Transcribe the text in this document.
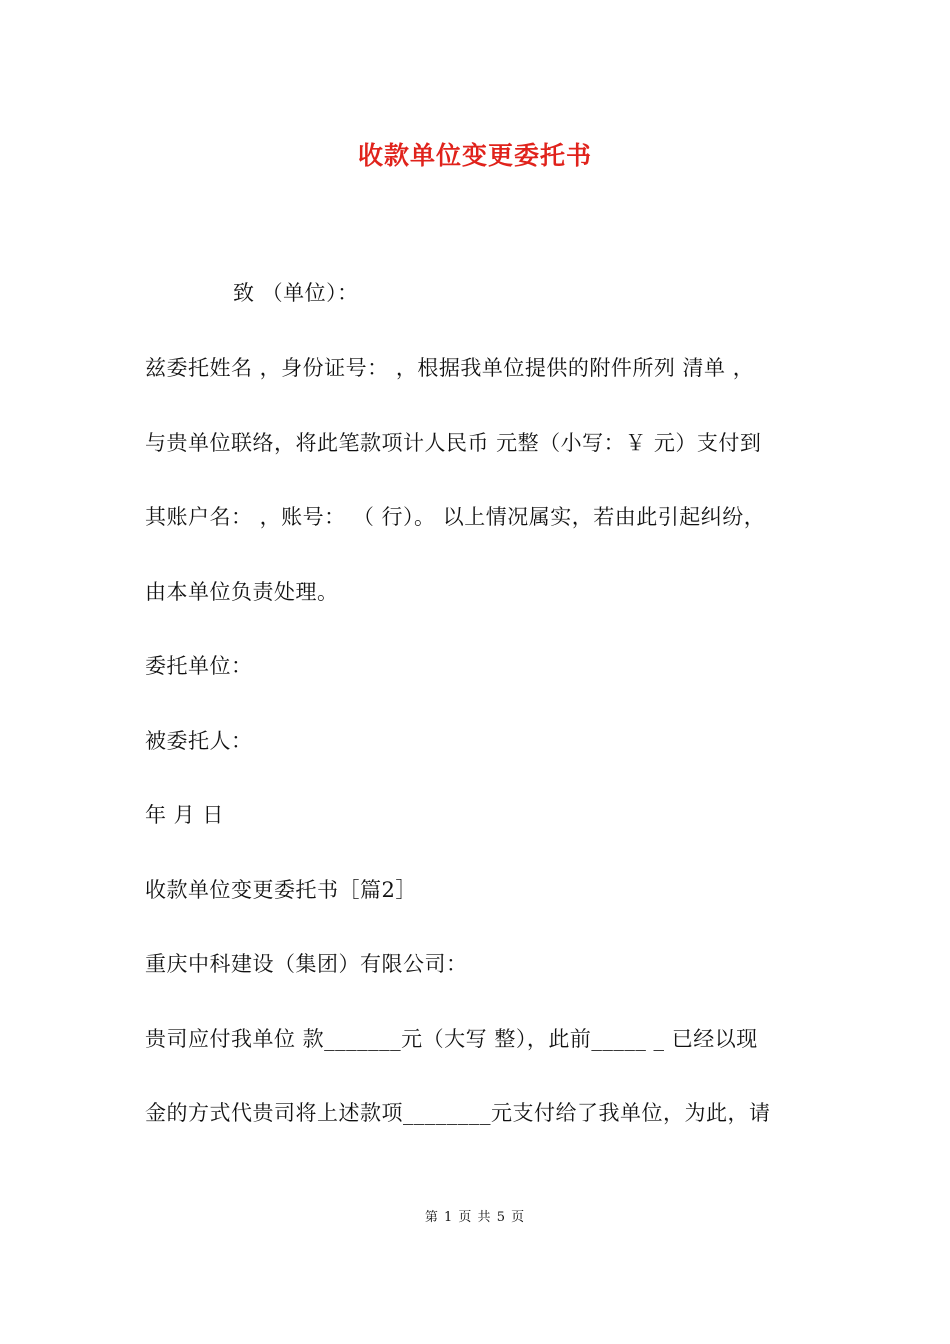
收款单位变更委托书
致 （单位）：
兹委托姓名 ，身份证号： ，根据我单位提供的附件所列 清单 ，
与贵单位联络，将此笔款项计人民币 元整（小写：￥ 元）支付到
其账户名： ，账号： （ 行）。 以上情况属实，若由此引起纠纷，
由本单位负责处理。
委托单位：
被委托人：
年 月 日
收款单位变更委托书［篇2］
重庆中科建设（集团）有限公司：
贵司应付我单位 款_______元（大写 整），此前_____ _ 已经以现
金的方式代贵司将上述款项________元支付给了我单位，为此，请
第 1 页 共 5 页
